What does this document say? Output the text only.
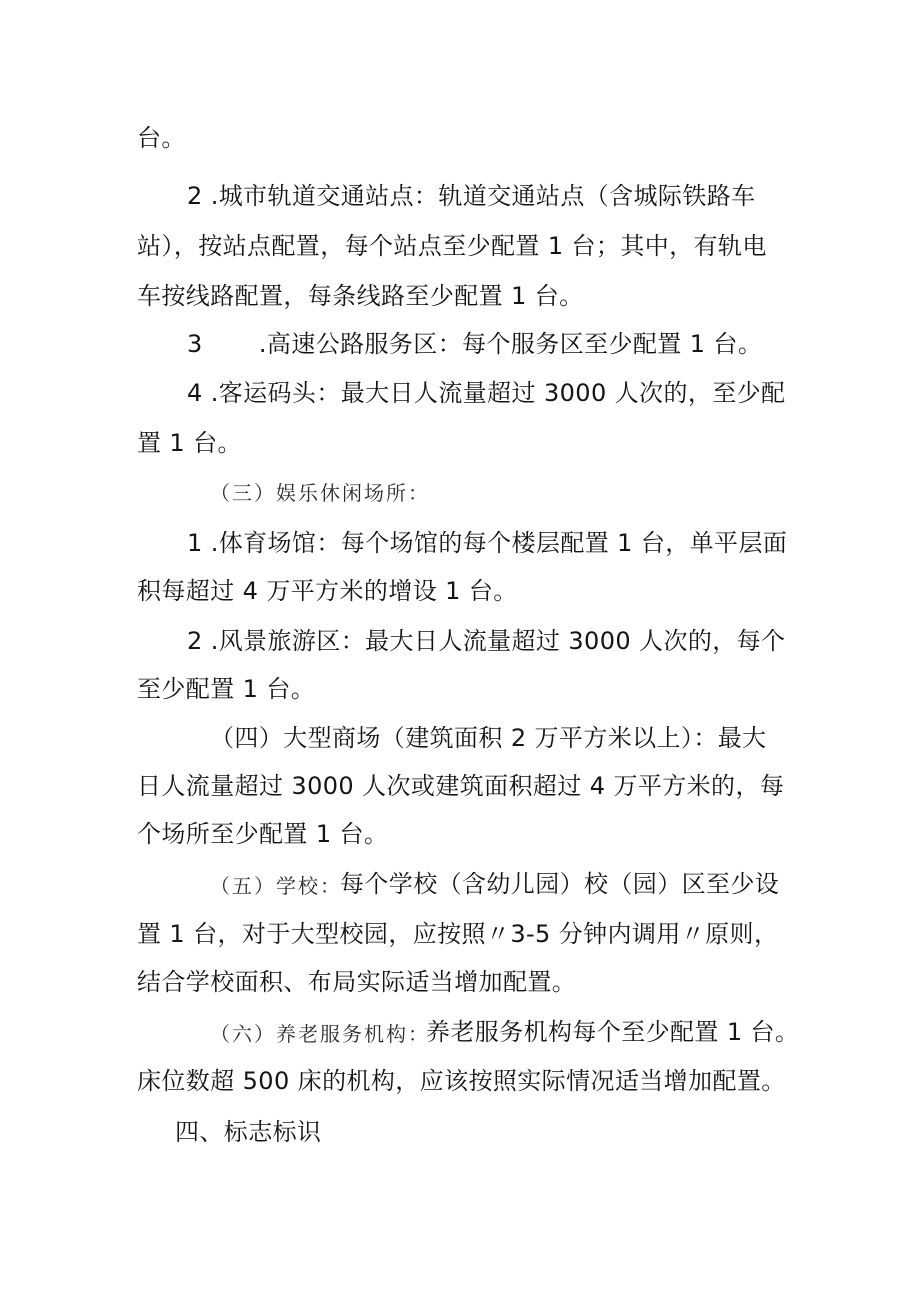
台。
2 .城市轨道交通站点：轨道交通站点（含城际铁路车
站），按站点配置，每个站点至少配置 1 台；其中，有轨电
车按线路配置，每条线路至少配置 1 台。
3       .高速公路服务区：每个服务区至少配置 1 台。
4 .客运码头：最大日人流量超过 3000 人次的，至少配
置 1 台。
（三）娱乐休闲场所：
1 .体育场馆：每个场馆的每个楼层配置 1 台，单平层面
积每超过 4 万平方米的增设 1 台。
2 .风景旅游区：最大日人流量超过 3000 人次的，每个
至少配置 1 台。
（四）大型商场（建筑面积 2 万平方米以上）：最大
日人流量超过 3000 人次或建筑面积超过 4 万平方米的，每
个场所至少配置 1 台。
（五）学校：
每个学校（含幼儿园）校（园）区至少设
置 1 台，对于大型校园，应按照〃3-5 分钟内调用〃原则，
结合学校面积、布局实际适当增加配置。
（六）养老服务机构：
养老服务机构每个至少配置 1 台。
床位数超 500 床的机构，应该按照实际情况适当增加配置。
四、标志标识
